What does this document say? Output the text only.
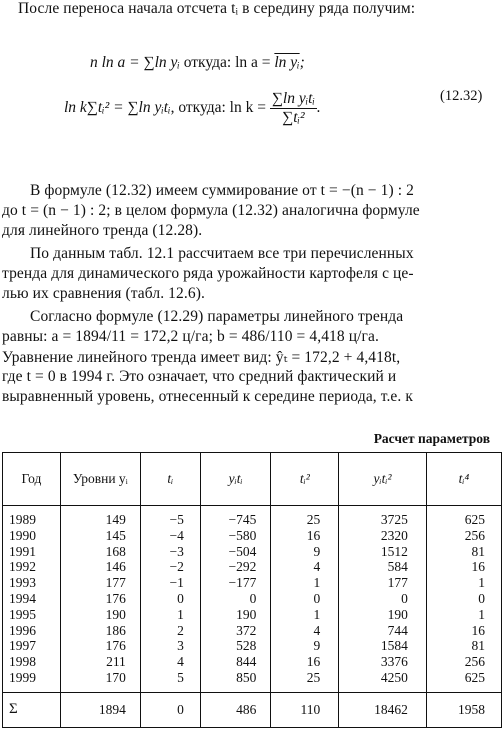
После переноса начала отсчета tᵢ в середину ряда получим:
n ln a = ∑ln yᵢ откуда: ln a = ln yᵢ;
ln k∑tᵢ² = ∑ln yᵢtᵢ, откуда: $\ln k = \frac{\text{∑ln yᵢtᵢ}}{\text{∑tᵢ²}}$ .
(12.32)
В формуле (12.32) имеем суммирование от t = −(n − 1) : 2
до t = (n − 1) : 2; в целом формула (12.32) аналогична формуле
для линейного тренда (12.28).
По данным табл. 12.1 рассчитаем все три перечисленных
тренда для динамического ряда урожайности картофеля с це-
лью их сравнения (табл. 12.6).
Согласно формуле (12.29) параметры линейного тренда
равны: a = 1894/11 = 172,2 ц/га; b = 486/110 = 4,418 ц/га.
Уравнение линейного тренда имеет вид: ŷₜ = 172,2 + 4,418t,
где t = 0 в 1994 г. Это означает, что средний фактический и
выравненный уровень, отнесенный к середине периода, т.е. к
Расчет параметров
Год	Уровни yᵢ	tᵢ	yᵢtᵢ	tᵢ²	yᵢtᵢ²	tᵢ⁴
1989	149	−5	−745	25	3725	625
1990	145	−4	−580	16	2320	256
1991	168	−3	−504	9	1512	81
1992	146	−2	−292	4	584	16
1993	177	−1	−177	1	177	1
1994	176	0	0	0	0	0
1995	190	1	190	1	190	1
1996	186	2	372	4	744	16
1997	176	3	528	9	1584	81
1998	211	4	844	16	3376	256
1999	170	5	850	25	4250	625
Σ	1894	0	486	110	18462	1958
